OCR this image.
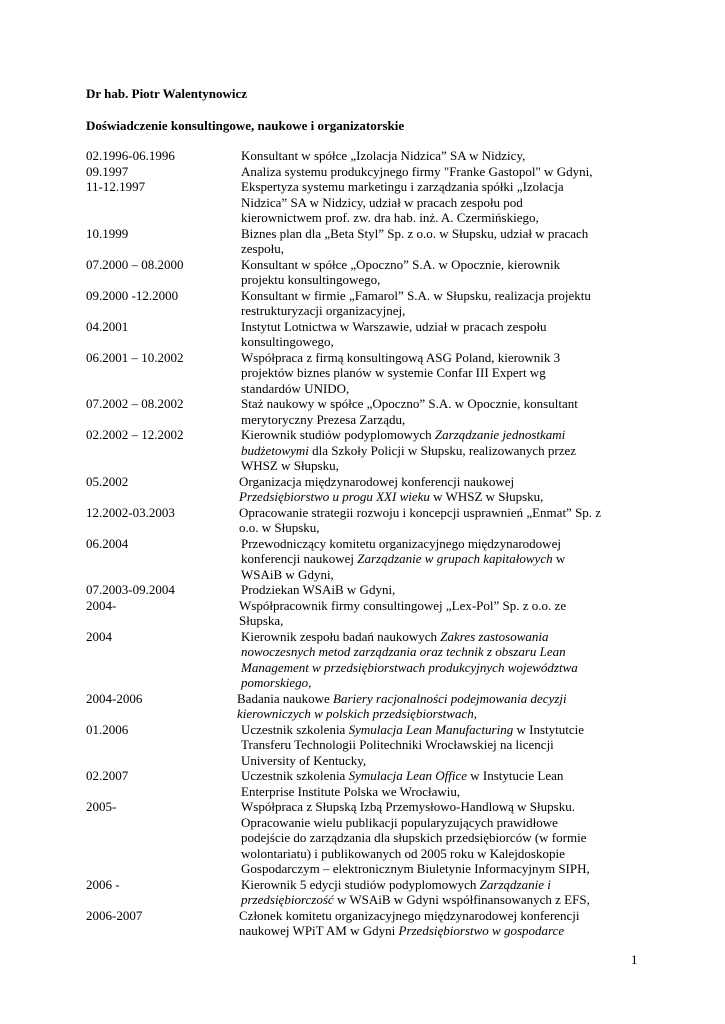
Dr hab. Piotr Walentynowicz
Doświadczenie konsultingowe, naukowe i organizatorskie
02.1996-06.1996	Konsultant w spółce „Izolacja Nidzica” SA w Nidzicy,
09.1997	Analiza systemu produkcyjnego firmy "Franke Gastopol" w Gdyni,
11-12.1997	Ekspertyza systemu marketingu i zarządzania spółki „Izolacja
Nidzica” SA w Nidzicy, udział w pracach zespołu pod
kierownictwem prof. zw. dra hab. inż. A. Czermińskiego,
10.1999	Biznes plan dla „Beta Styl” Sp. z o.o. w Słupsku, udział w pracach
zespołu,
07.2000 – 08.2000	Konsultant w spółce „Opoczno” S.A. w Opocznie, kierownik
projektu konsultingowego,
09.2000 -12.2000	Konsultant w firmie „Famarol” S.A. w Słupsku, realizacja projektu
restrukturyzacji organizacyjnej,
04.2001	Instytut Lotnictwa w Warszawie, udział w pracach zespołu
konsultingowego,
06.2001 – 10.2002	Współpraca z firmą konsultingową ASG Poland, kierownik 3
projektów biznes planów w systemie Confar III Expert wg
standardów UNIDO,
07.2002 – 08.2002	Staż naukowy w spółce „Opoczno” S.A. w Opocznie, konsultant
merytoryczny Prezesa Zarządu,
02.2002 – 12.2002	Kierownik studiów podyplomowych Zarządzanie jednostkami
budżetowymi dla Szkoły Policji w Słupsku, realizowanych przez
WHSZ w Słupsku,
05.2002	Organizacja międzynarodowej konferencji naukowej
Przedsiębiorstwo u progu XXI wieku w WHSZ w Słupsku,
12.2002-03.2003	Opracowanie strategii rozwoju i koncepcji usprawnień „Enmat” Sp. z
o.o. w Słupsku,
06.2004	Przewodniczący komitetu organizacyjnego międzynarodowej
konferencji naukowej Zarządzanie w grupach kapitałowych w
WSAiB w Gdyni,
07.2003-09.2004	Prodziekan WSAiB w Gdyni,
2004-	Współpracownik firmy consultingowej „Lex-Pol” Sp. z o.o. ze
Słupska,
2004	Kierownik zespołu badań naukowych Zakres zastosowania
nowoczesnych metod zarządzania oraz technik z obszaru Lean
Management w przedsiębiorstwach produkcyjnych województwa
pomorskiego,
2004-2006	Badania naukowe Bariery racjonalności podejmowania decyzji
kierowniczych w polskich przedsiębiorstwach,
01.2006	Uczestnik szkolenia Symulacja Lean Manufacturing w Instytutcie
Transferu Technologii Politechniki Wrocławskiej na licencji
University of Kentucky,
02.2007	Uczestnik szkolenia Symulacja Lean Office w Instytucie Lean
Enterprise Institute Polska we Wrocławiu,
2005-	Współpraca z Słupską Izbą Przemysłowo-Handlową w Słupsku.
Opracowanie wielu publikacji popularyzujących prawidłowe
podejście do zarządzania dla słupskich przedsiębiorców (w formie
wolontariatu) i publikowanych od 2005 roku w Kalejdoskopie
Gospodarczym – elektronicznym Biuletynie Informacyjnym SIPH,
2006 -	Kierownik 5 edycji studiów podyplomowych Zarządzanie i
przedsiębiorczość w WSAiB w Gdyni współfinansowanych z EFS,
2006-2007	Członek komitetu organizacyjnego międzynarodowej konferencji
naukowej WPiT AM w Gdyni Przedsiębiorstwo w gospodarce
1
